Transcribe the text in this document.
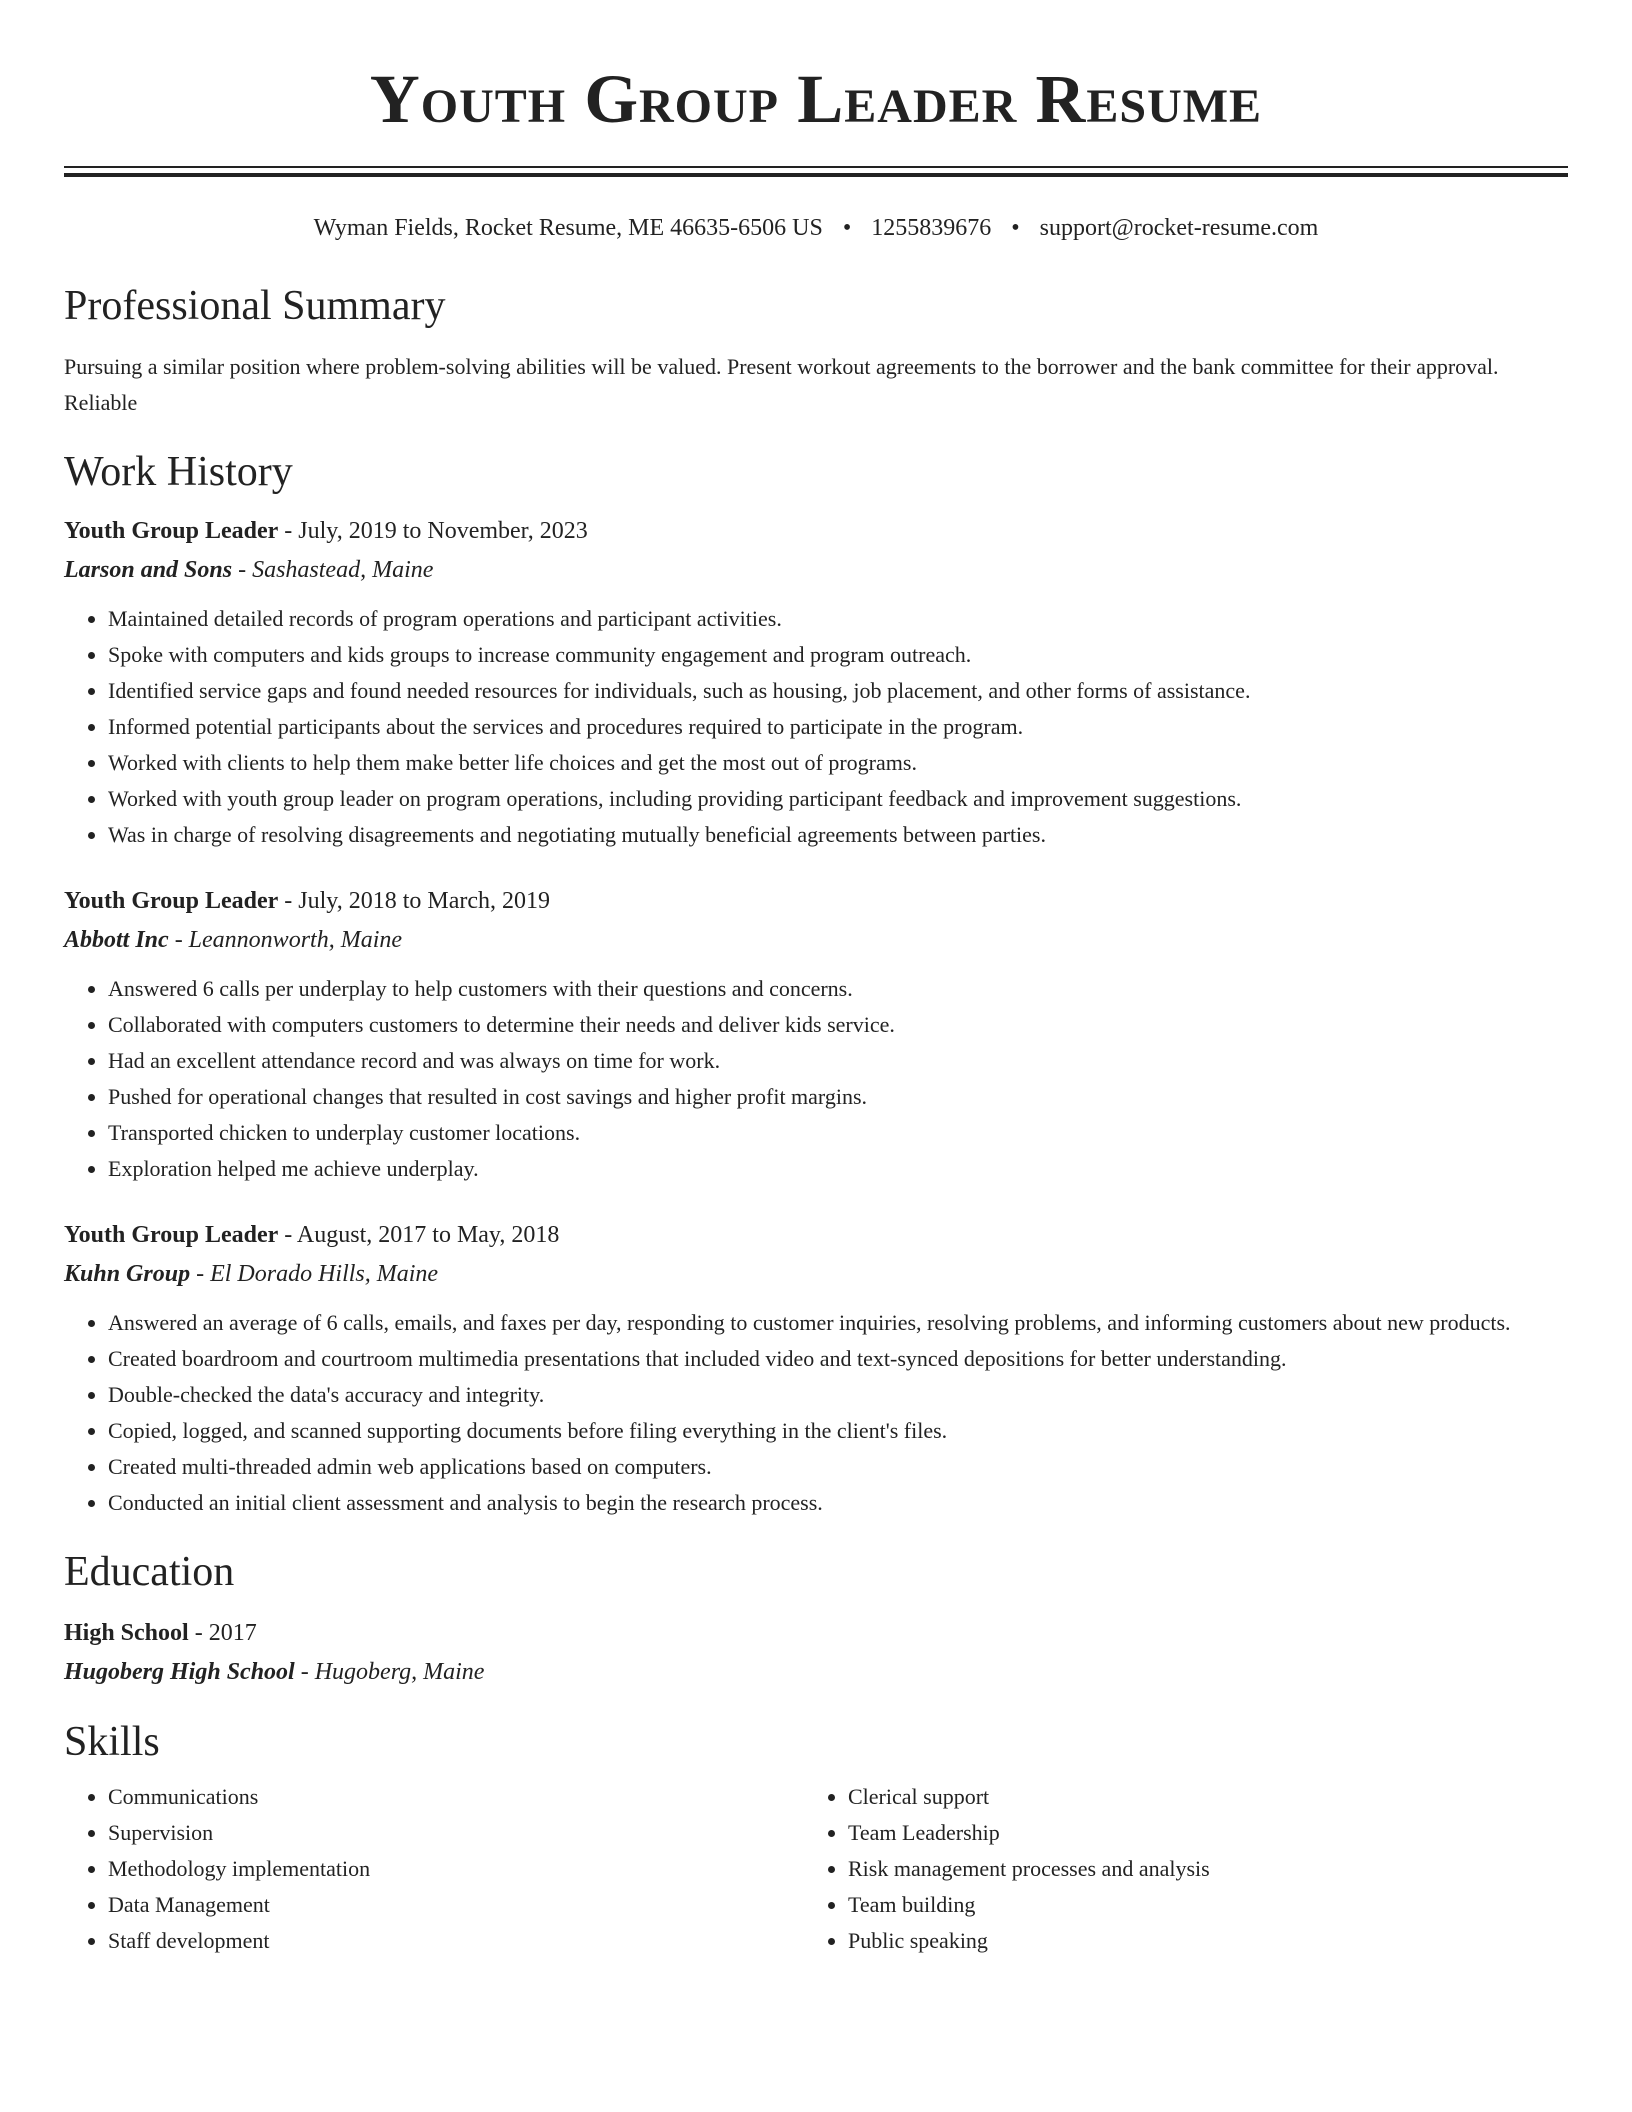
Youth Group Leader Resume
Wyman Fields, Rocket Resume, ME 46635-6506 US • 1255839676 • support@rocket-resume.com
Professional Summary

Pursuing a similar position where problem-solving abilities will be valued. Present workout agreements to the borrower and the bank committee for their approval. Reliable

Work History
Youth Group Leader - July, 2019 to November, 2023
Larson and Sons - Sashastead, Maine
• Maintained detailed records of program operations and participant activities.
• Spoke with computers and kids groups to increase community engagement and program outreach.
• Identified service gaps and found needed resources for individuals, such as housing, job placement, and other forms of assistance.
• Informed potential participants about the services and procedures required to participate in the program.
• Worked with clients to help them make better life choices and get the most out of programs.
• Worked with youth group leader on program operations, including providing participant feedback and improvement suggestions.
• Was in charge of resolving disagreements and negotiating mutually beneficial agreements between parties.
Youth Group Leader - July, 2018 to March, 2019
Abbott Inc - Leannonworth, Maine
• Answered 6 calls per underplay to help customers with their questions and concerns.
• Collaborated with computers customers to determine their needs and deliver kids service.
• Had an excellent attendance record and was always on time for work.
• Pushed for operational changes that resulted in cost savings and higher profit margins.
• Transported chicken to underplay customer locations.
• Exploration helped me achieve underplay.
Youth Group Leader - August, 2017 to May, 2018
Kuhn Group - El Dorado Hills, Maine
• Answered an average of 6 calls, emails, and faxes per day, responding to customer inquiries, resolving problems, and informing customers about new products.
• Created boardroom and courtroom multimedia presentations that included video and text-synced depositions for better understanding.
• Double-checked the data's accuracy and integrity.
• Copied, logged, and scanned supporting documents before filing everything in the client's files.
• Created multi-threaded admin web applications based on computers.
• Conducted an initial client assessment and analysis to begin the research process.
Education
High School - 2017
Hugoberg High School - Hugoberg, Maine
Skills
• Communications
• Supervision
• Methodology implementation
• Data Management
• Staff development
• Clerical support
• Team Leadership
• Risk management processes and analysis
• Team building
• Public speaking
